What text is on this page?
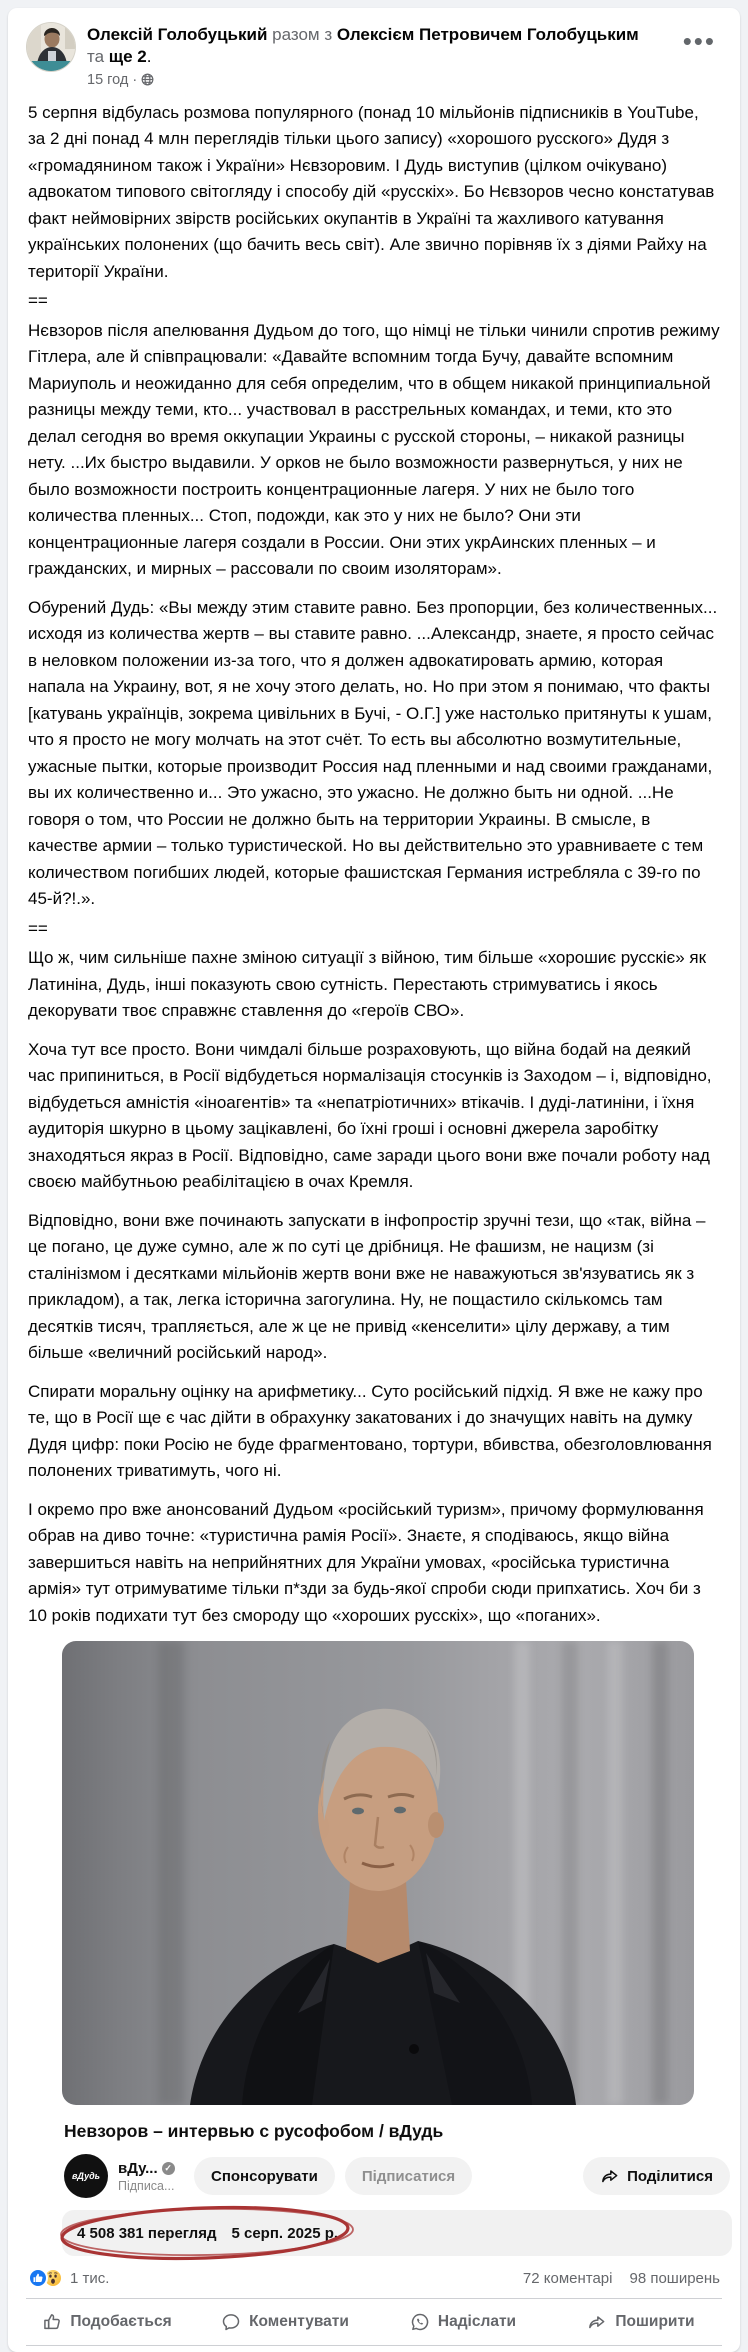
Олексій Голобуцький разом з Олексієм Петровичем Голобуцьким
та ще 2.
15 год ·
•••

5 серпня відбулась розмова популярного (понад 10 мільйонів підписників в YouTube, за 2 дні понад 4 млн переглядів тільки цього запису) «хорошого русского» Дудя з «громадянином також і України» Нєвзоровим. І Дудь виступив (цілком очікувано) адвокатом типового світогляду і способу дій «русскіх». Бо Нєвзоров чесно констатував факт неймовірних звірств російських окупантів в Україні та жахливого катування українських полонених (що бачить весь світ). Але звично порівняв їх з діями Райху на території України.

==

Нєвзоров після апелювання Дудьом до того, що німці не тільки чинили спротив режиму Гітлера, але й співпрацювали: «Давайте вспомним тогда Бучу, давайте вспомним Мариуполь и неожиданно для себя определим, что в общем никакой принципиальной разницы между теми, кто... участвовал в расстрельных командах, и теми, кто это делал сегодня во время оккупации Украины с русской стороны, – никакой разницы нету. ...Их быстро выдавили. У орков не было возможности развернуться, у них не было возможности построить концентрационные лагеря. У них не было того количества пленных... Стоп, подожди, как это у них не было? Они эти концентрационные лагеря создали в России. Они этих укрАинских пленных – и гражданских, и мирных – рассовали по своим изоляторам».

Обурений Дудь: «Вы между этим ставите равно. Без пропорции, без количественных... исходя из количества жертв – вы ставите равно. ...Александр, знаете, я просто сейчас в неловком положении из-за того, что я должен адвокатировать армию, которая напала на Украину, вот, я не хочу этого делать, но. Но при этом я понимаю, что факты [катувань українців, зокрема цивільних в Бучі, - О.Г.] уже настолько притянуты к ушам, что я просто не могу молчать на этот счёт. То есть вы абсолютно возмутительные, ужасные пытки, которые производит Россия над пленными и над своими гражданами, вы их количественно и... Это ужасно, это ужасно. Не должно быть ни одной. ...Не говоря о том, что России не должно быть на территории Украины. В смысле, в качестве армии – только туристической. Но вы действительно это уравниваете с тем количеством погибших людей, которые фашистская Германия истребляла с 39-го по 45-й?!.».

==

Що ж, чим сильніше пахне зміною ситуації з війною, тим більше «хорошиє русскіє» як Латиніна, Дудь, інші показують свою сутність. Перестають стримуватись і якось декорувати твоє справжнє ставлення до «героїв СВО».

Хоча тут все просто. Вони чимдалі більше розраховують, що війна бодай на деякий час припиниться, в Росії відбудеться нормалізація стосунків із Заходом – і, відповідно, відбудеться амністія «іноагентів» та «непатріотичних» втікачів. І дуді-латиніни, і їхня аудиторія шкурно в цьому зацікавлені, бо їхні гроші і основні джерела заробітку знаходяться якраз в Росії. Відповідно, саме заради цього вони вже почали роботу над своєю майбутньою реабілітацією в очах Кремля.

Відповідно, вони вже починають запускати в інфопростір зручні тези, що «так, війна – це погано, це дуже сумно, але ж по суті це дрібниця. Не фашизм, не нацизм (зі сталінізмом і десятками мільйонів жертв вони вже не наважуються зв'язуватись як з прикладом), а так, легка історична загогулина. Ну, не пощастило скількомсь там десятків тисяч, трапляється, але ж це не привід «кенселити» цілу державу, а тим більше «величний російський народ».

Спирати моральну оцінку на арифметику... Суто російський підхід. Я вже не кажу про те, що в Росії ще є час дійти в обрахунку закатованих і до значущих навіть на думку Дудя цифр: поки Росію не буде фрагментовано, тортури, вбивства, обезголовлювання полонених триватимуть, чого ні.

І окремо про вже анонсований Дудьом «російський туризм», причому формулювання обрав на диво точне: «туристична рамія Росії». Знаєте, я сподіваюсь, якщо війна завершиться навіть на неприйнятних для України умовах, «російська туристична армія» тут отримуватиме тільки п*зди за будь-якої спроби сюди припхатись. Хоч би з 10 років подихати тут без смороду що «хороших русскіх», що «поганих».

Невзоров – интервью с русофобом / вДудь
вДудь вДу... ✓
Підписа...
Спонсорувати	Підписатися	Поділитися
4 508 381 перегляд 5 серп. 2025 р.
1 тис.	72 коментарі 98 поширень
Подобається	Коментувати	Надіслати	Поширити
